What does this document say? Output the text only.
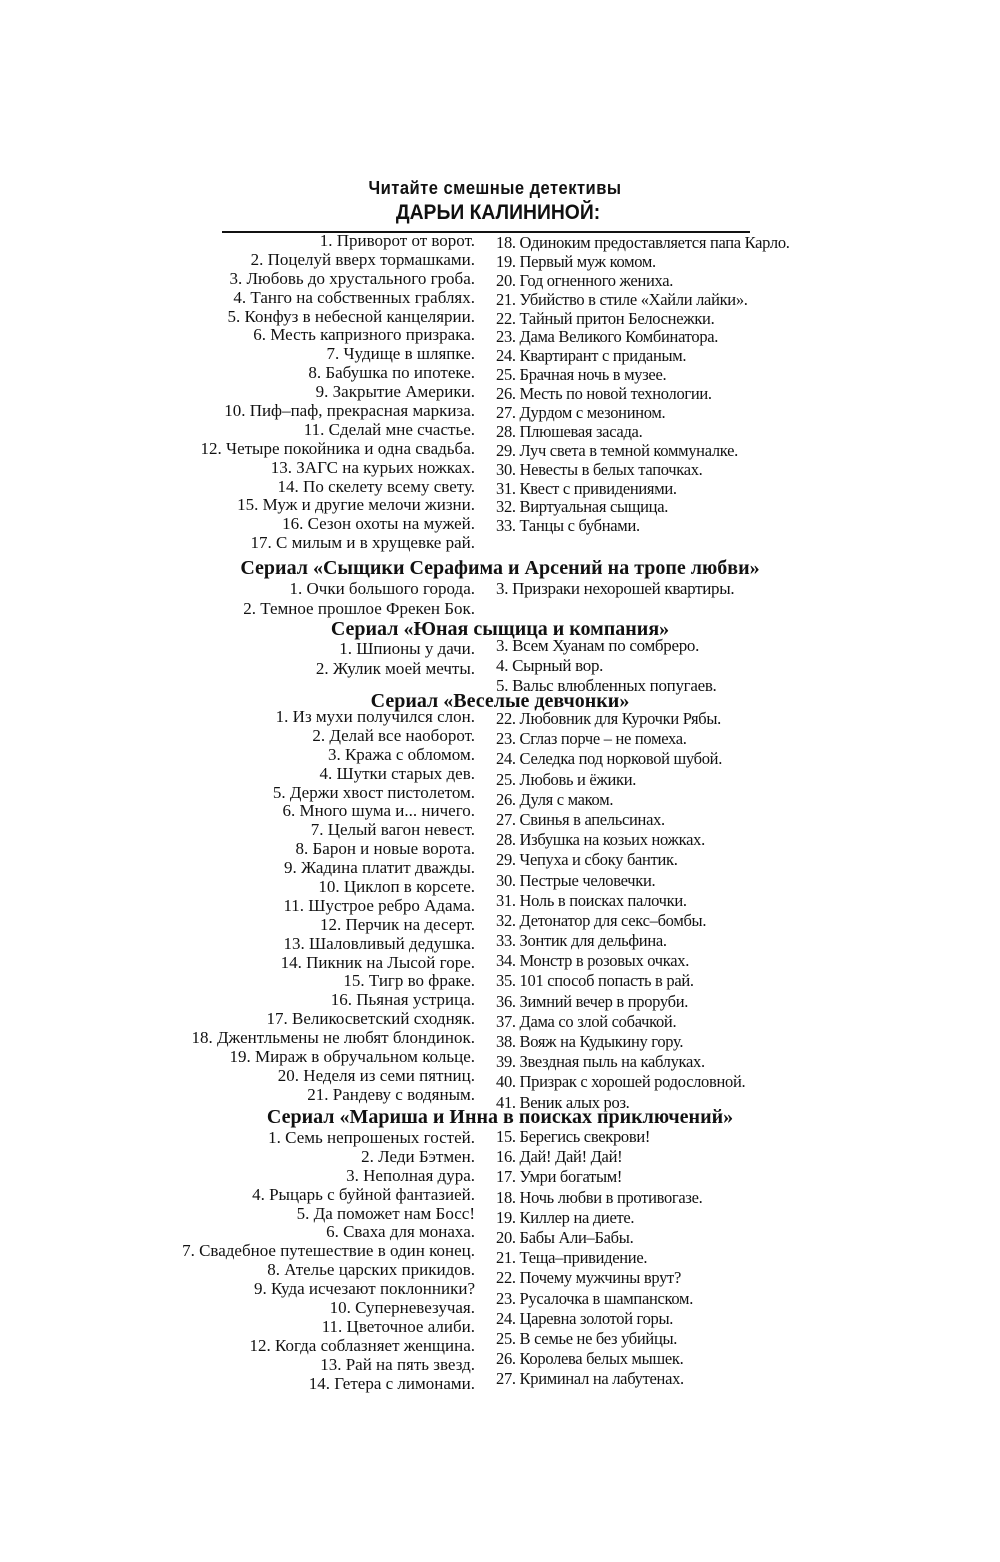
Читайте смешные детективы
ДАРЬИ КАЛИНИНОЙ:
1. Приворот от ворот.
2. Поцелуй вверх тормашками.
3. Любовь до хрустального гроба.
4. Танго на собственных граблях.
5. Конфуз в небесной канцелярии.
6. Месть капризного призрака.
7. Чудище в шляпке.
8. Бабушка по ипотеке.
9. Закрытие Америки.
10. Пиф–паф, прекрасная маркиза.
11. Сделай мне счастье.
12. Четыре покойника и одна свадьба.
13. ЗАГС на курьих ножках.
14. По скелету всему свету.
15. Муж и другие мелочи жизни.
16. Сезон охоты на мужей.
17. С милым и в хрущевке рай.
18. Одиноким предоставляется папа Карло.
19. Первый муж комом.
20. Год огненного жениха.
21. Убийство в стиле «Хайли лайки».
22. Тайный притон Белоснежки.
23. Дама Великого Комбинатора.
24. Квартирант с приданым.
25. Брачная ночь в музее.
26. Месть по новой технологии.
27. Дурдом с мезонином.
28. Плюшевая засада.
29. Луч света в темной коммуналке.
30. Невесты в белых тапочках.
31. Квест с привидениями.
32. Виртуальная сыщица.
33. Танцы с бубнами.
Сериал «Сыщики Серафима и Арсений на тропе любви»
1. Очки большого города.
2. Темное прошлое Фрекен Бок.
3. Призраки нехорошей квартиры.
Сериал «Юная сыщица и компания»
1. Шпионы у дачи.
2. Жулик моей мечты.
3. Всем Хуанам по сомбреро.
4. Сырный вор.
5. Вальс влюбленных попугаев.
Сериал «Веселые девчонки»
1. Из мухи получился слон.
2. Делай все наоборот.
3. Кража с обломом.
4. Шутки старых дев.
5. Держи хвост пистолетом.
6. Много шума и... ничего.
7. Целый вагон невест.
8. Барон и новые ворота.
9. Жадина платит дважды.
10. Циклоп в корсете.
11. Шустрое ребро Адама.
12. Перчик на десерт.
13. Шаловливый дедушка.
14. Пикник на Лысой горе.
15. Тигр во фраке.
16. Пьяная устрица.
17. Великосветский сходняк.
18. Джентльмены не любят блондинок.
19. Мираж в обручальном кольце.
20. Неделя из семи пятниц.
21. Рандеву с водяным.
22. Любовник для Курочки Рябы.
23. Сглаз порче – не помеха.
24. Селедка под норковой шубой.
25. Любовь и ёжики.
26. Дуля с маком.
27. Свинья в апельсинах.
28. Избушка на козьих ножках.
29. Чепуха и сбоку бантик.
30. Пестрые человечки.
31. Ноль в поисках палочки.
32. Детонатор для секс–бомбы.
33. Зонтик для дельфина.
34. Монстр в розовых очках.
35. 101 способ попасть в рай.
36. Зимний вечер в проруби.
37. Дама со злой собачкой.
38. Вояж на Кудыкину гору.
39. Звездная пыль на каблуках.
40. Призрак с хорошей родословной.
41. Веник алых роз.
Сериал «Мариша и Инна в поисках приключений»
1. Семь непрошеных гостей.
2. Леди Бэтмен.
3. Неполная дура.
4. Рыцарь с буйной фантазией.
5. Да поможет нам Босс!
6. Сваха для монаха.
7. Свадебное путешествие в один конец.
8. Ателье царских прикидов.
9. Куда исчезают поклонники?
10. Суперневезучая.
11. Цветочное алиби.
12. Когда соблазняет женщина.
13. Рай на пять звезд.
14. Гетера с лимонами.
15. Берегись свекрови!
16. Дай! Дай! Дай!
17. Умри богатым!
18. Ночь любви в противогазе.
19. Киллер на диете.
20. Бабы Али–Бабы.
21. Теща–привидение.
22. Почему мужчины врут?
23. Русалочка в шампанском.
24. Царевна золотой горы.
25. В семье не без убийцы.
26. Королева белых мышек.
27. Криминал на лабутенах.
